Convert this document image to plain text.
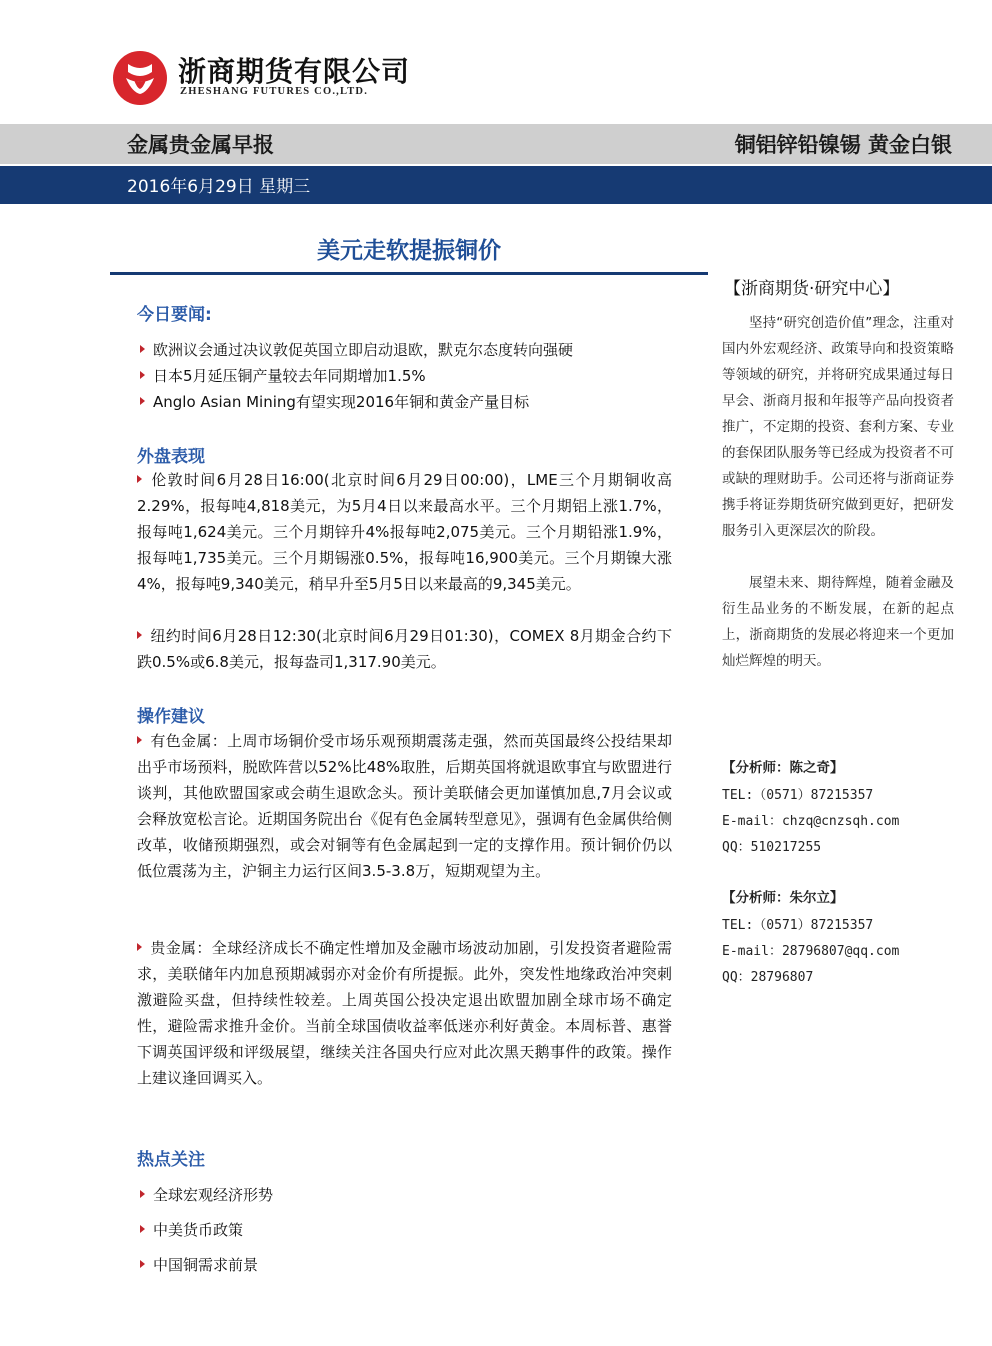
浙商期货有限公司
ZHESHANG FUTURES CO.,LTD.
金属贵金属早报	铜铝锌铅镍锡 黄金白银
2016年6月29日 星期三
美元走软提振铜价
今日要闻:
欧洲议会通过决议敦促英国立即启动退欧，默克尔态度转向强硬
日本5月延压铜产量较去年同期增加1.5%
Anglo Asian Mining有望实现2016年铜和黄金产量目标
外盘表现
伦敦时间6月28日16:00(北京时间6月29日00:00)，LME三个月期铜收高2.29%，报每吨4,818美元，为5月4日以来最高水平。三个月期铝上涨1.7%，报每吨1,624美元。三个月期锌升4%报每吨2,075美元。三个月期铅涨1.9%，报每吨1,735美元。三个月期锡涨0.5%，报每吨16,900美元。三个月期镍大涨4%，报每吨9,340美元，稍早升至5月5日以来最高的9,345美元。
纽约时间6月28日12:30(北京时间6月29日01:30)，COMEX 8月期金合约下跌0.5%或6.8美元，报每盎司1,317.90美元。
操作建议
有色金属：上周市场铜价受市场乐观预期震荡走强，然而英国最终公投结果却出乎市场预料，脱欧阵营以52%比48%取胜，后期英国将就退欧事宜与欧盟进行谈判，其他欧盟国家或会萌生退欧念头。预计美联储会更加谨慎加息,7月会议或会释放宽松言论。近期国务院出台《促有色金属转型意见》，强调有色金属供给侧改革，收储预期强烈，或会对铜等有色金属起到一定的支撑作用。预计铜价仍以低位震荡为主，沪铜主力运行区间3.5-3.8万，短期观望为主。
贵金属：全球经济成长不确定性增加及金融市场波动加剧，引发投资者避险需求，美联储年内加息预期减弱亦对金价有所提振。此外，突发性地缘政治冲突刺激避险买盘，但持续性较差。上周英国公投决定退出欧盟加剧全球市场不确定性，避险需求推升金价。当前全球国债收益率低迷亦利好黄金。本周标普、惠誉下调英国评级和评级展望，继续关注各国央行应对此次黑天鹅事件的政策。操作上建议逢回调买入。
热点关注
全球宏观经济形势
中美货币政策
中国铜需求前景
【浙商期货·研究中心】
坚持“研究创造价值”理念，注重对国内外宏观经济、政策导向和投资策略等领域的研究，并将研究成果通过每日早会、浙商月报和年报等产品向投资者推广，不定期的投资、套利方案、专业的套保团队服务等已经成为投资者不可或缺的理财助手。公司还将与浙商证券携手将证券期货研究做到更好，把研发服务引入更深层次的阶段。
展望未来、期待辉煌，随着金融及衍生品业务的不断发展，在新的起点上，浙商期货的发展必将迎来一个更加灿烂辉煌的明天。
【分析师：陈之奇】
TEL:（0571）87215357
E-mail：chzq@cnzsqh.com
QQ：510217255
【分析师：朱尔立】
TEL:（0571）87215357
E-mail：28796807@qq.com
QQ：28796807
